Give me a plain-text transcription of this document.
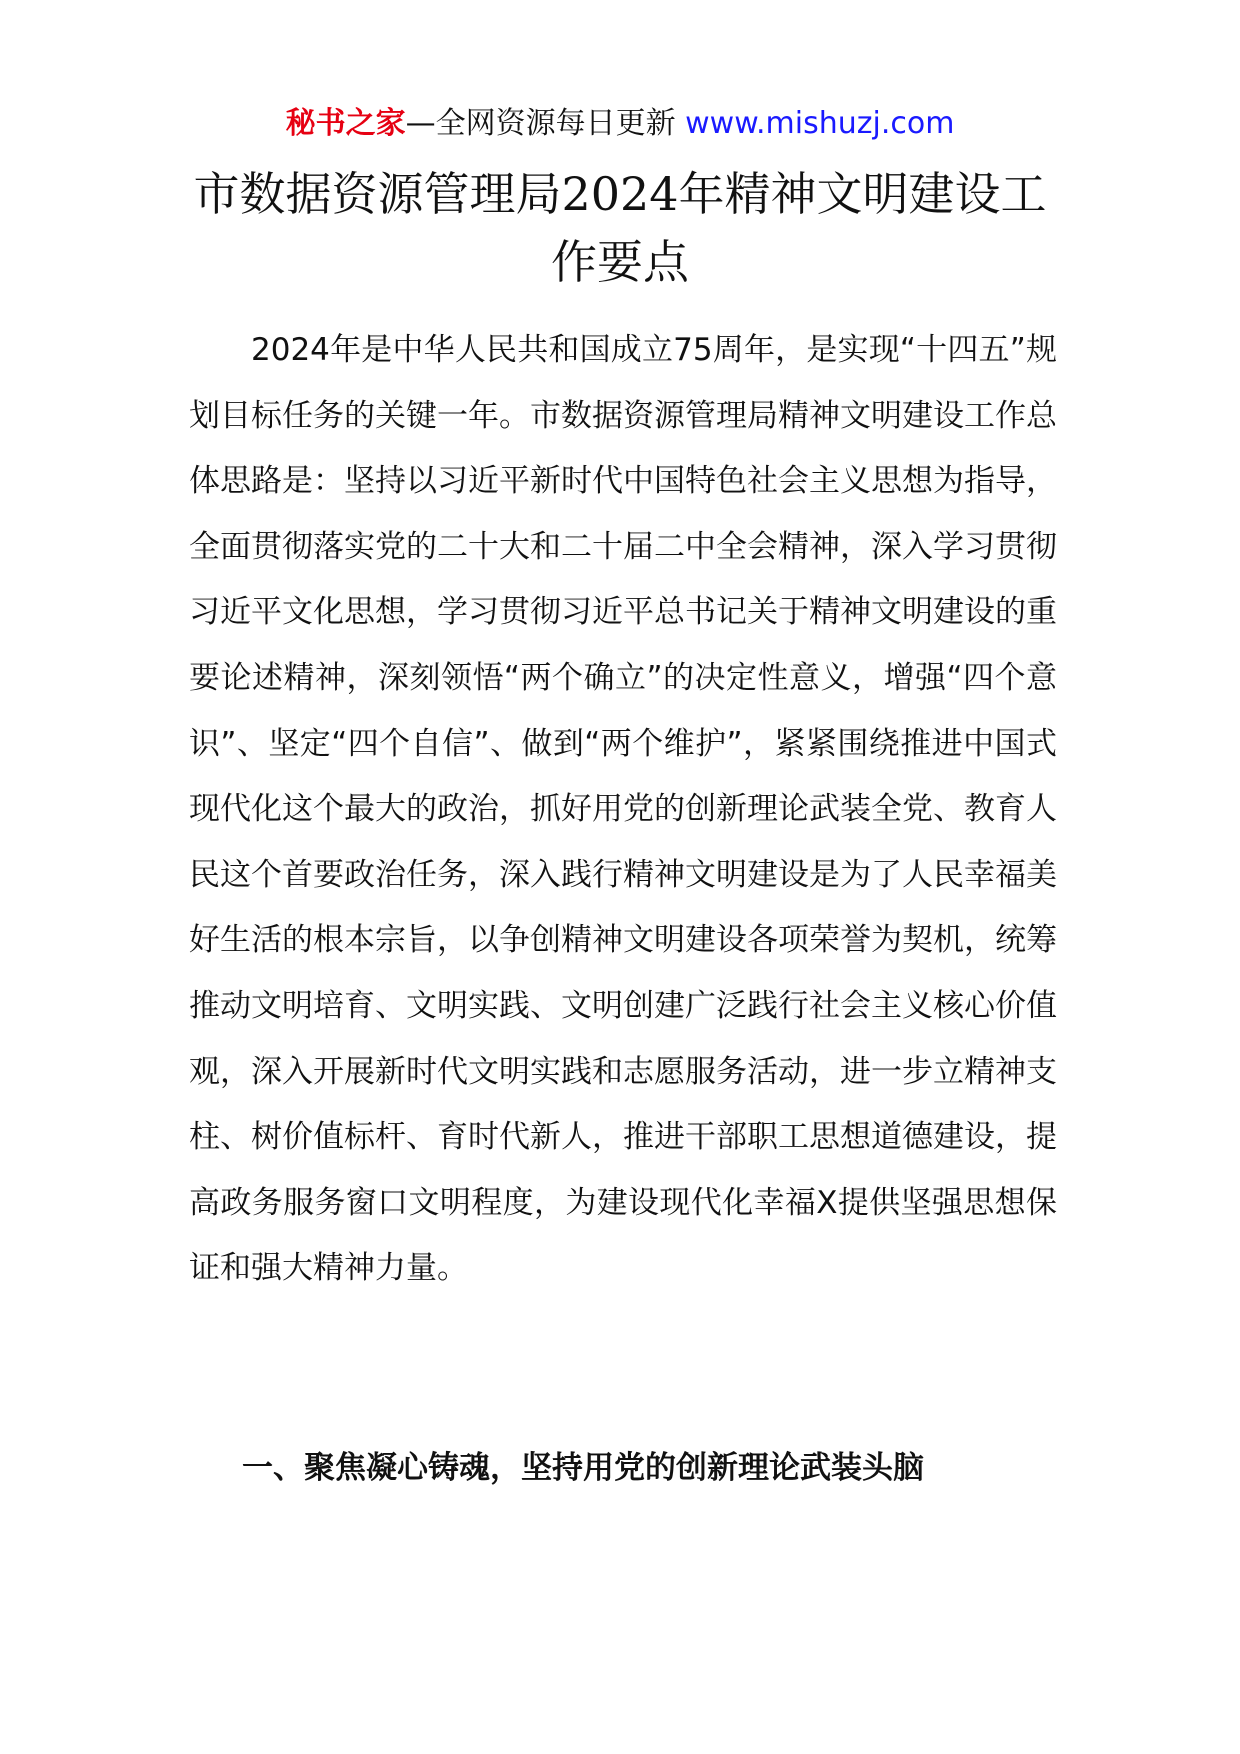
秘书之家—全网资源每日更新 www.mishuzj.com
市数据资源管理局2024年精神文明建设工作要点

2024年是中华人民共和国成立75周年，是实现“十四五”规划目标任务的关键一年。市数据资源管理局精神文明建设工作总体思路是：坚持以习近平新时代中国特色社会主义思想为指导，全面贯彻落实党的二十大和二十届二中全会精神，深入学习贯彻习近平文化思想，学习贯彻习近平总书记关于精神文明建设的重要论述精神，深刻领悟“两个确立”的决定性意义，增强“四个意识”、坚定“四个自信”、做到“两个维护”，紧紧围绕推进中国式现代化这个最大的政治，抓好用党的创新理论武装全党、教育人民这个首要政治任务，深入践行精神文明建设是为了人民幸福美好生活的根本宗旨，以争创精神文明建设各项荣誉为契机，统筹推动文明培育、文明实践、文明创建广泛践行社会主义核心价值观，深入开展新时代文明实践和志愿服务活动，进一步立精神支柱、树价值标杆、育时代新人，推进干部职工思想道德建设，提高政务服务窗口文明程度，为建设现代化幸福X提供坚强思想保证和强大精神力量。

一、聚焦凝心铸魂，坚持用党的创新理论武装头脑
